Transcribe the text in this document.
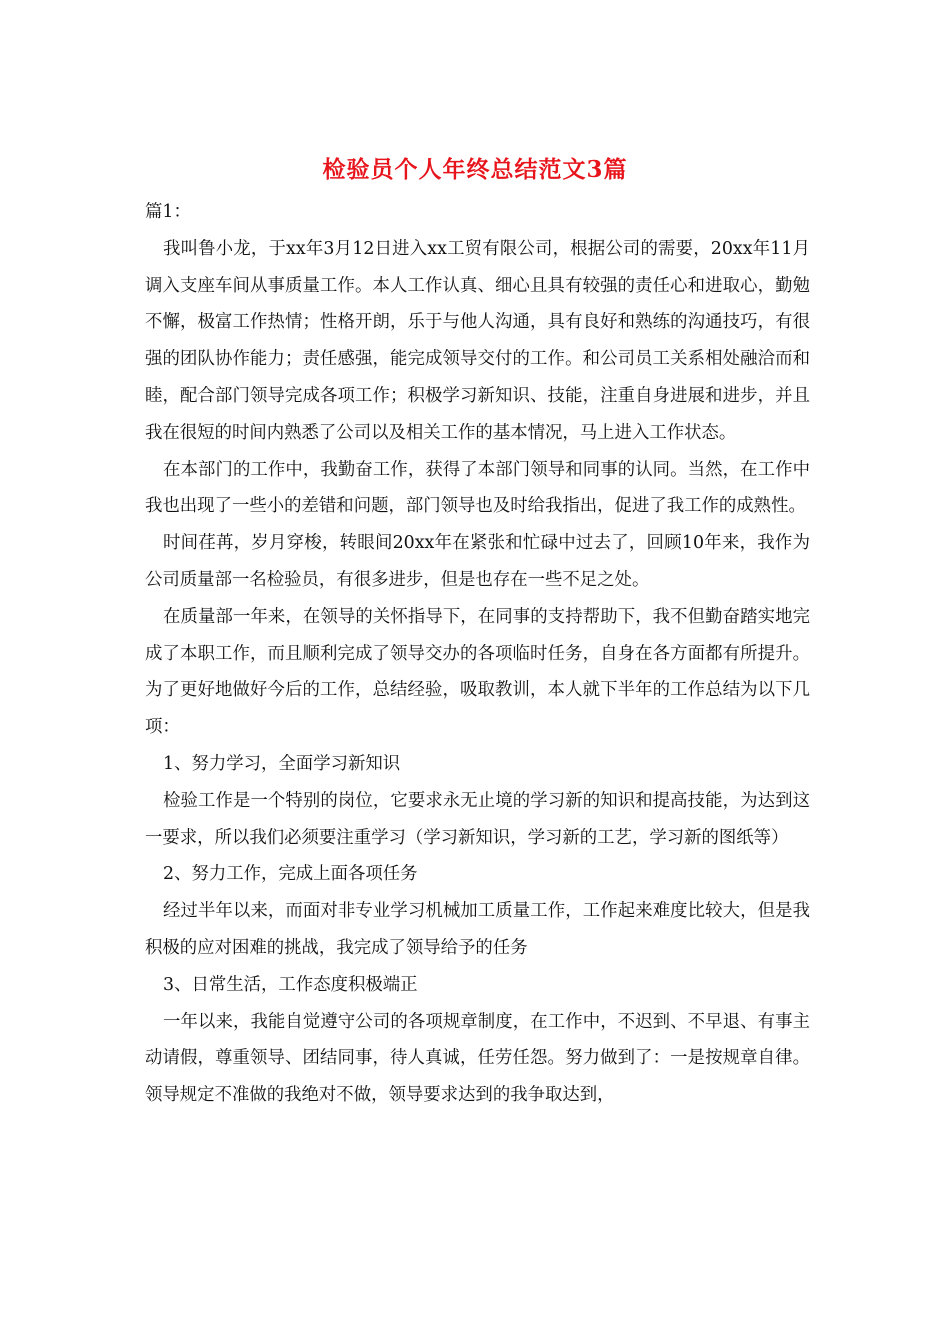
检验员个人年终总结范文3篇

篇1：

我叫鲁小龙，于xx年3月12日进入xx工贸有限公司，根据公司的需要，20xx年11月调入支座车间从事质量工作。本人工作认真、细心且具有较强的责任心和进取心，勤勉不懈，极富工作热情；性格开朗，乐于与他人沟通，具有良好和熟练的沟通技巧，有很强的团队协作能力；责任感强，能完成领导交付的工作。和公司员工关系相处融洽而和睦，配合部门领导完成各项工作；积极学习新知识、技能，注重自身进展和进步，并且我在很短的时间内熟悉了公司以及相关工作的基本情况，马上进入工作状态。

在本部门的工作中，我勤奋工作，获得了本部门领导和同事的认同。当然，在工作中我也出现了一些小的差错和问题，部门领导也及时给我指出，促进了我工作的成熟性。

时间荏苒，岁月穿梭，转眼间20xx年在紧张和忙碌中过去了，回顾10年来，我作为公司质量部一名检验员，有很多进步，但是也存在一些不足之处。

在质量部一年来，在领导的关怀指导下，在同事的支持帮助下，我不但勤奋踏实地完成了本职工作，而且顺利完成了领导交办的各项临时任务，自身在各方面都有所提升。为了更好地做好今后的工作，总结经验，吸取教训，本人就下半年的工作总结为以下几项：

1、努力学习，全面学习新知识

检验工作是一个特别的岗位，它要求永无止境的学习新的知识和提高技能，为达到这一要求，所以我们必须要注重学习（学习新知识，学习新的工艺，学习新的图纸等）

2、努力工作，完成上面各项任务

经过半年以来，而面对非专业学习机械加工质量工作，工作起来难度比较大，但是我积极的应对困难的挑战，我完成了领导给予的任务

3、日常生活，工作态度积极端正

一年以来，我能自觉遵守公司的各项规章制度，在工作中，不迟到、不早退、有事主动请假，尊重领导、团结同事，待人真诚，任劳任怨。努力做到了：一是按规章自律。领导规定不准做的我绝对不做，领导要求达到的我争取达到，
